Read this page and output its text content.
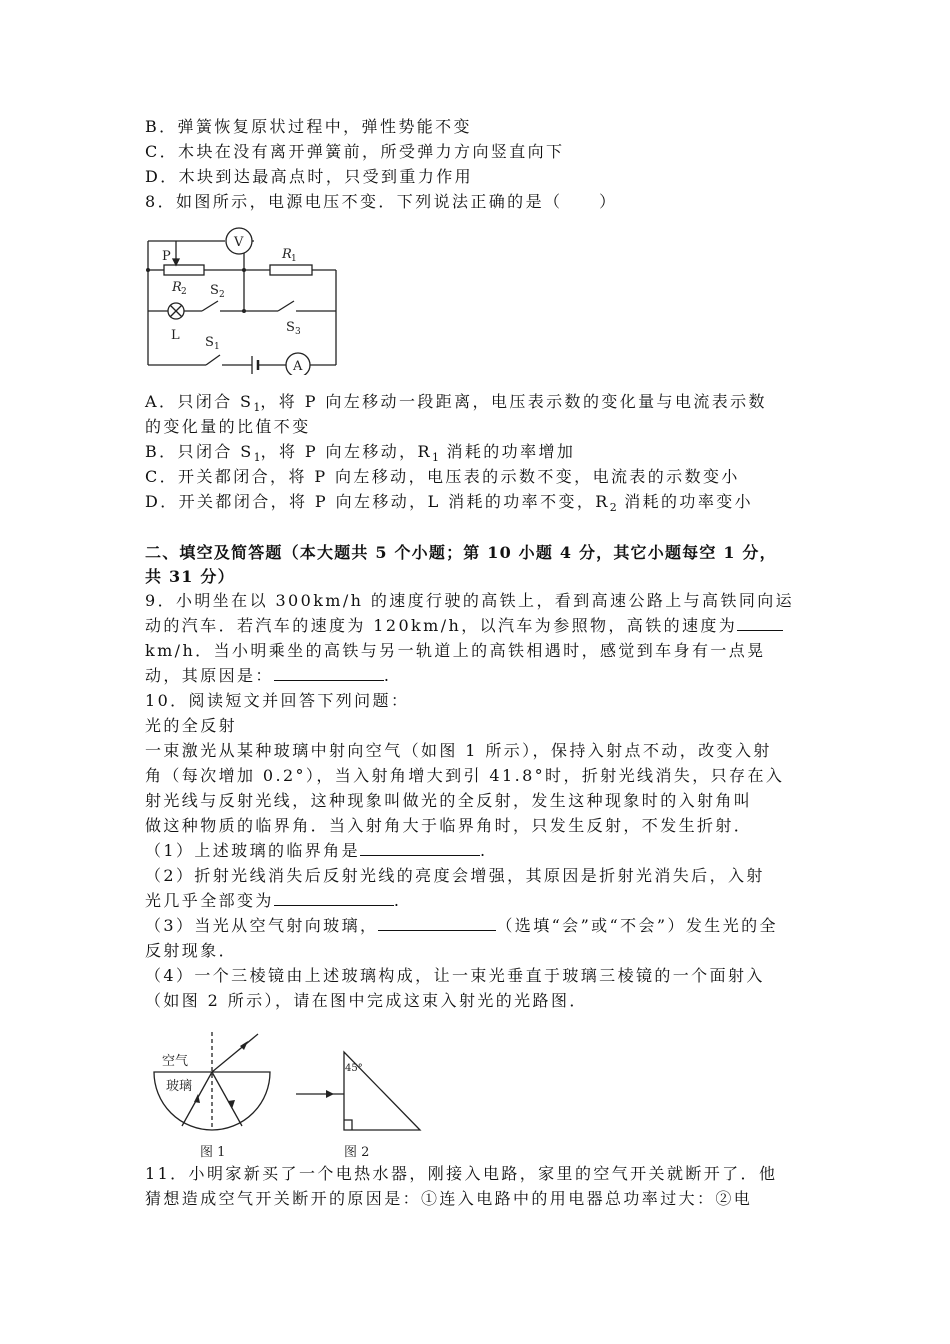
B．弹簧恢复原状过程中，弹性势能不变
C．木块在没有离开弹簧前，所受弹力方向竖直向下
D．木块到达最高点时，只受到重力作用
8．如图所示，电源电压不变．下列说法正确的是（　　）
V
A
P	R 1
R 2 S 2
S 3
S 1
L
A．只闭合 $S_1$，将 P 向左移动一段距离，电压表示数的变化量与电流表示数
的变化量的比值不变
B．只闭合 $S_1$，将 P 向左移动，$R_1$ 消耗的功率增加
C．开关都闭合，将 P 向左移动，电压表的示数不变，电流表的示数变小
D．开关都闭合，将 P 向左移动，L 消耗的功率不变，$R_2$ 消耗的功率变小
二、填空及简答题（本大题共 5 个小题；第 10 小题 4 分，其它小题每空 1 分，
共 31 分）
9．小明坐在以 300km/h 的速度行驶的高铁上，看到高速公路上与高铁同向运
动的汽车．若汽车的速度为 120km/h，以汽车为参照物，高铁的速度为
km/h．当小明乘坐的高铁与另一轨道上的高铁相遇时，感觉到车身有一点晃
动，其原因是：	.
10．阅读短文并回答下列问题：
光的全反射
一束激光从某种玻璃中射向空气（如图 1 所示），保持入射点不动，改变入射
角（每次增加 0.2°），当入射角增大到引 41.8°时，折射光线消失，只存在入
射光线与反射光线，这种现象叫做光的全反射，发生这种现象时的入射角叫
做这种物质的临界角．当入射角大于临界角时，只发生反射，不发生折射．
（1）上述玻璃的临界角是	.
（2）折射光线消失后反射光线的亮度会增强，其原因是折射光消失后，入射
光几乎全部变为	.
（3）当光从空气射向玻璃，	（选填“会”或“不会”）发生光的全
反射现象．
（4）一个三棱镜由上述玻璃构成，让一束光垂直于玻璃三棱镜的一个面射入
（如图 2 所示），请在图中完成这束入射光的光路图．
空气
玻璃
图 1
45°
图 2
11．小明家新买了一个电热水器，刚接入电路，家里的空气开关就断开了．他
猜想造成空气开关断开的原因是：①连入电路中的用电器总功率过大：②电
